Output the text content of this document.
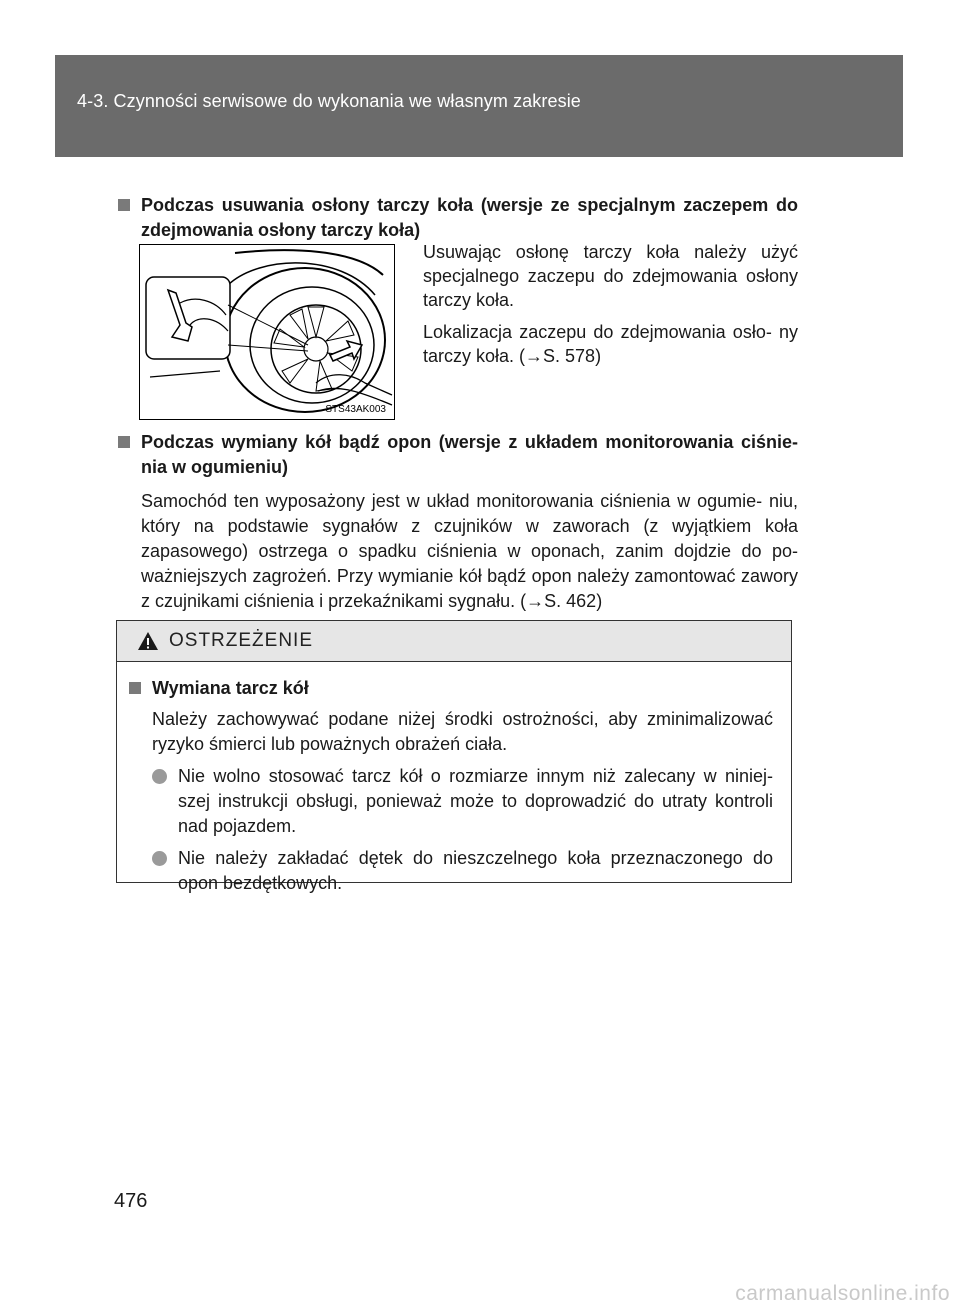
4-3. Czynności serwisowe do wykonania we własnym zakresie
Podczas usuwania osłony tarczy koła (wersje ze specjalnym zaczepem do zdejmowania osłony tarczy koła)
STS43AK003

Usuwając osłonę tarczy koła należy użyć specjalnego zaczepu do zdejmowania osłony tarczy koła.

Lokalizacja zaczepu do zdejmowania osło- ny tarczy koła. (→S. 578)

Podczas wymiany kół bądź opon (wersje z układem monitorowania ciśnie- nia w ogumieniu)

Samochód ten wyposażony jest w układ monitorowania ciśnienia w ogumie- niu, który na podstawie sygnałów z czujników w zaworach (z wyjątkiem koła zapasowego) ostrzega o spadku ciśnienia w oponach, zanim dojdzie do po- ważniejszych zagrożeń. Przy wymianie kół bądź opon należy zamontować zawory z czujnikami ciśnienia i przekaźnikami sygnału. (→S. 462)

OSTRZEŻENIE
Wymiana tarcz kół

Należy zachowywać podane niżej środki ostrożności, aby zminimalizować ryzyko śmierci lub poważnych obrażeń ciała.

Nie wolno stosować tarcz kół o rozmiarze innym niż zalecany w niniej- szej instrukcji obsługi, ponieważ może to doprowadzić do utraty kontroli nad pojazdem.

Nie należy zakładać dętek do nieszczelnego koła przeznaczonego do opon bezdętkowych.

476
carmanualsonline.info
